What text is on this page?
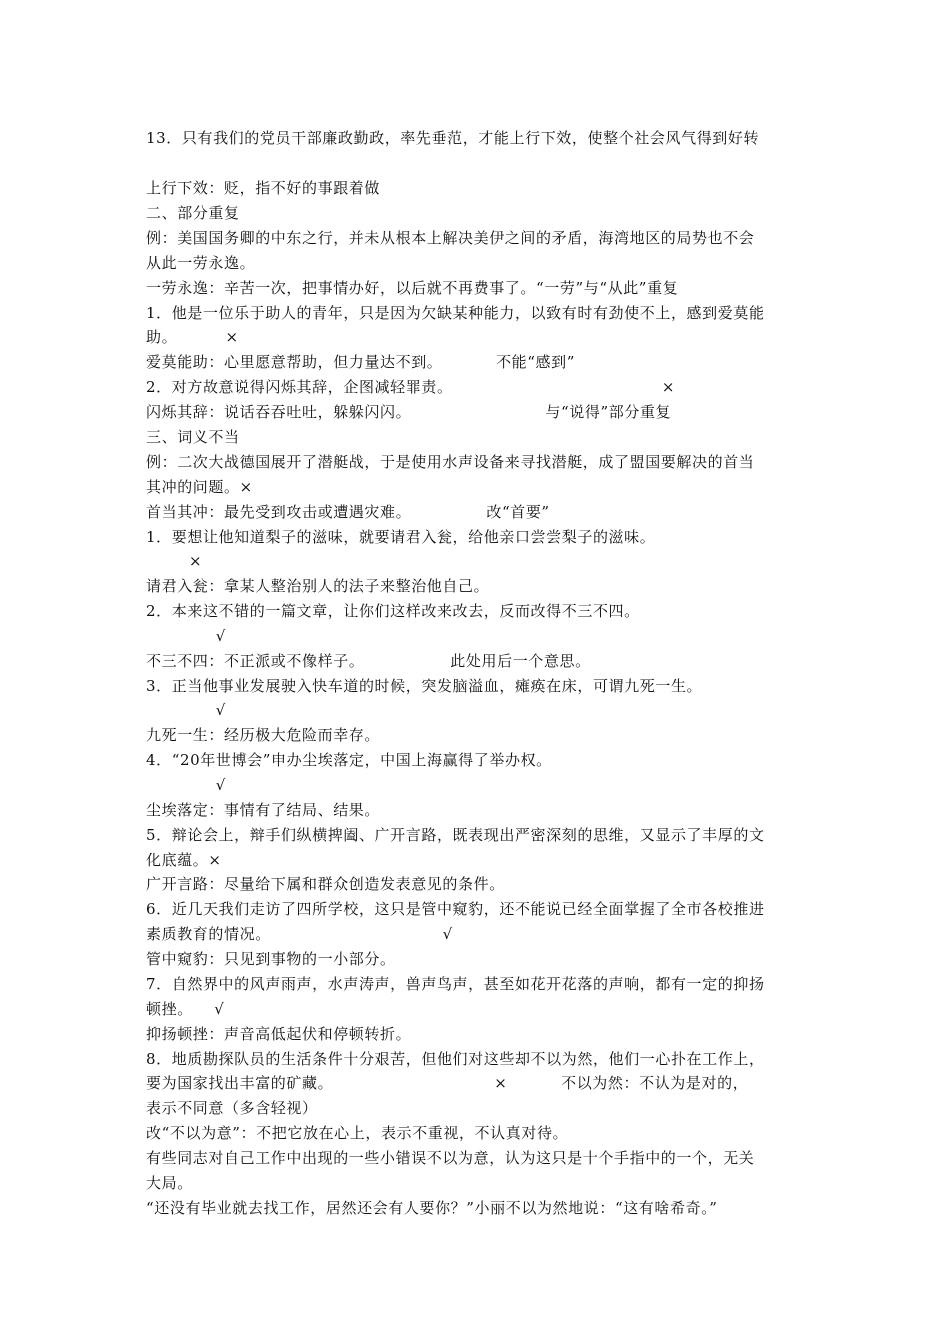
13．只有我们的党员干部廉政勤政，率先垂范，才能上行下效，使整个社会风气得到好转
上行下效：贬，指不好的事跟着做
二、部分重复
例：美国国务卿的中东之行，并未从根本上解决美伊之间的矛盾，海湾地区的局势也不会
从此一劳永逸。
一劳永逸：辛苦一次，把事情办好，以后就不再费事了。“一劳”与“从此”重复
1．他是一位乐于助人的青年，只是因为欠缺某种能力，以致有时有劲使不上，感到爱莫能
助。         ×
爱莫能助：心里愿意帮助，但力量达不到。          不能“感到”
2．对方故意说得闪烁其辞，企图减轻罪责。                                       ×
闪烁其辞：说话吞吞吐吐，躲躲闪闪。                         与“说得”部分重复
三、词义不当
例：二次大战德国展开了潜艇战，于是使用水声设备来寻找潜艇，成了盟国要解决的首当
其冲的问题。×
首当其冲：最先受到攻击或遭遇灾难。              改“首要”
1．要想让他知道梨子的滋味，就要请君入瓮，给他亲口尝尝梨子的滋味。
×
请君入瓮：拿某人整治别人的法子来整治他自己。
2．本来这不错的一篇文章，让你们这样改来改去，反而改得不三不四。
√
不三不四：不正派或不像样子。                此处用后一个意思。
3．正当他事业发展驶入快车道的时候，突发脑溢血，瘫痪在床，可谓九死一生。
√
九死一生：经历极大危险而幸存。
4．“20年世博会”申办尘埃落定，中国上海赢得了举办权。
√
尘埃落定：事情有了结局、结果。
5．辩论会上，辩手们纵横捭阖、广开言路，既表现出严密深刻的思维，又显示了丰厚的文
化底蕴。×
广开言路：尽量给下属和群众创造发表意见的条件。
6．近几天我们走访了四所学校，这只是管中窥豹，还不能说已经全面掌握了全市各校推进
素质教育的情况。                                √
管中窥豹：只见到事物的一小部分。
7．自然界中的风声雨声，水声涛声，兽声鸟声，甚至如花开花落的声响，都有一定的抑扬
顿挫。    √
抑扬顿挫：声音高低起伏和停顿转折。
8．地质勘探队员的生活条件十分艰苦，但他们对这些却不以为然，他们一心扑在工作上，
要为国家找出丰富的矿藏。                              ×          不以为然：不认为是对的，
表示不同意（多含轻视）
改“不以为意”：不把它放在心上，表示不重视，不认真对待。
有些同志对自己工作中出现的一些小错误不以为意，认为这只是十个手指中的一个，无关
大局。
“还没有毕业就去找工作，居然还会有人要你？”小丽不以为然地说：“这有啥希奇。”
